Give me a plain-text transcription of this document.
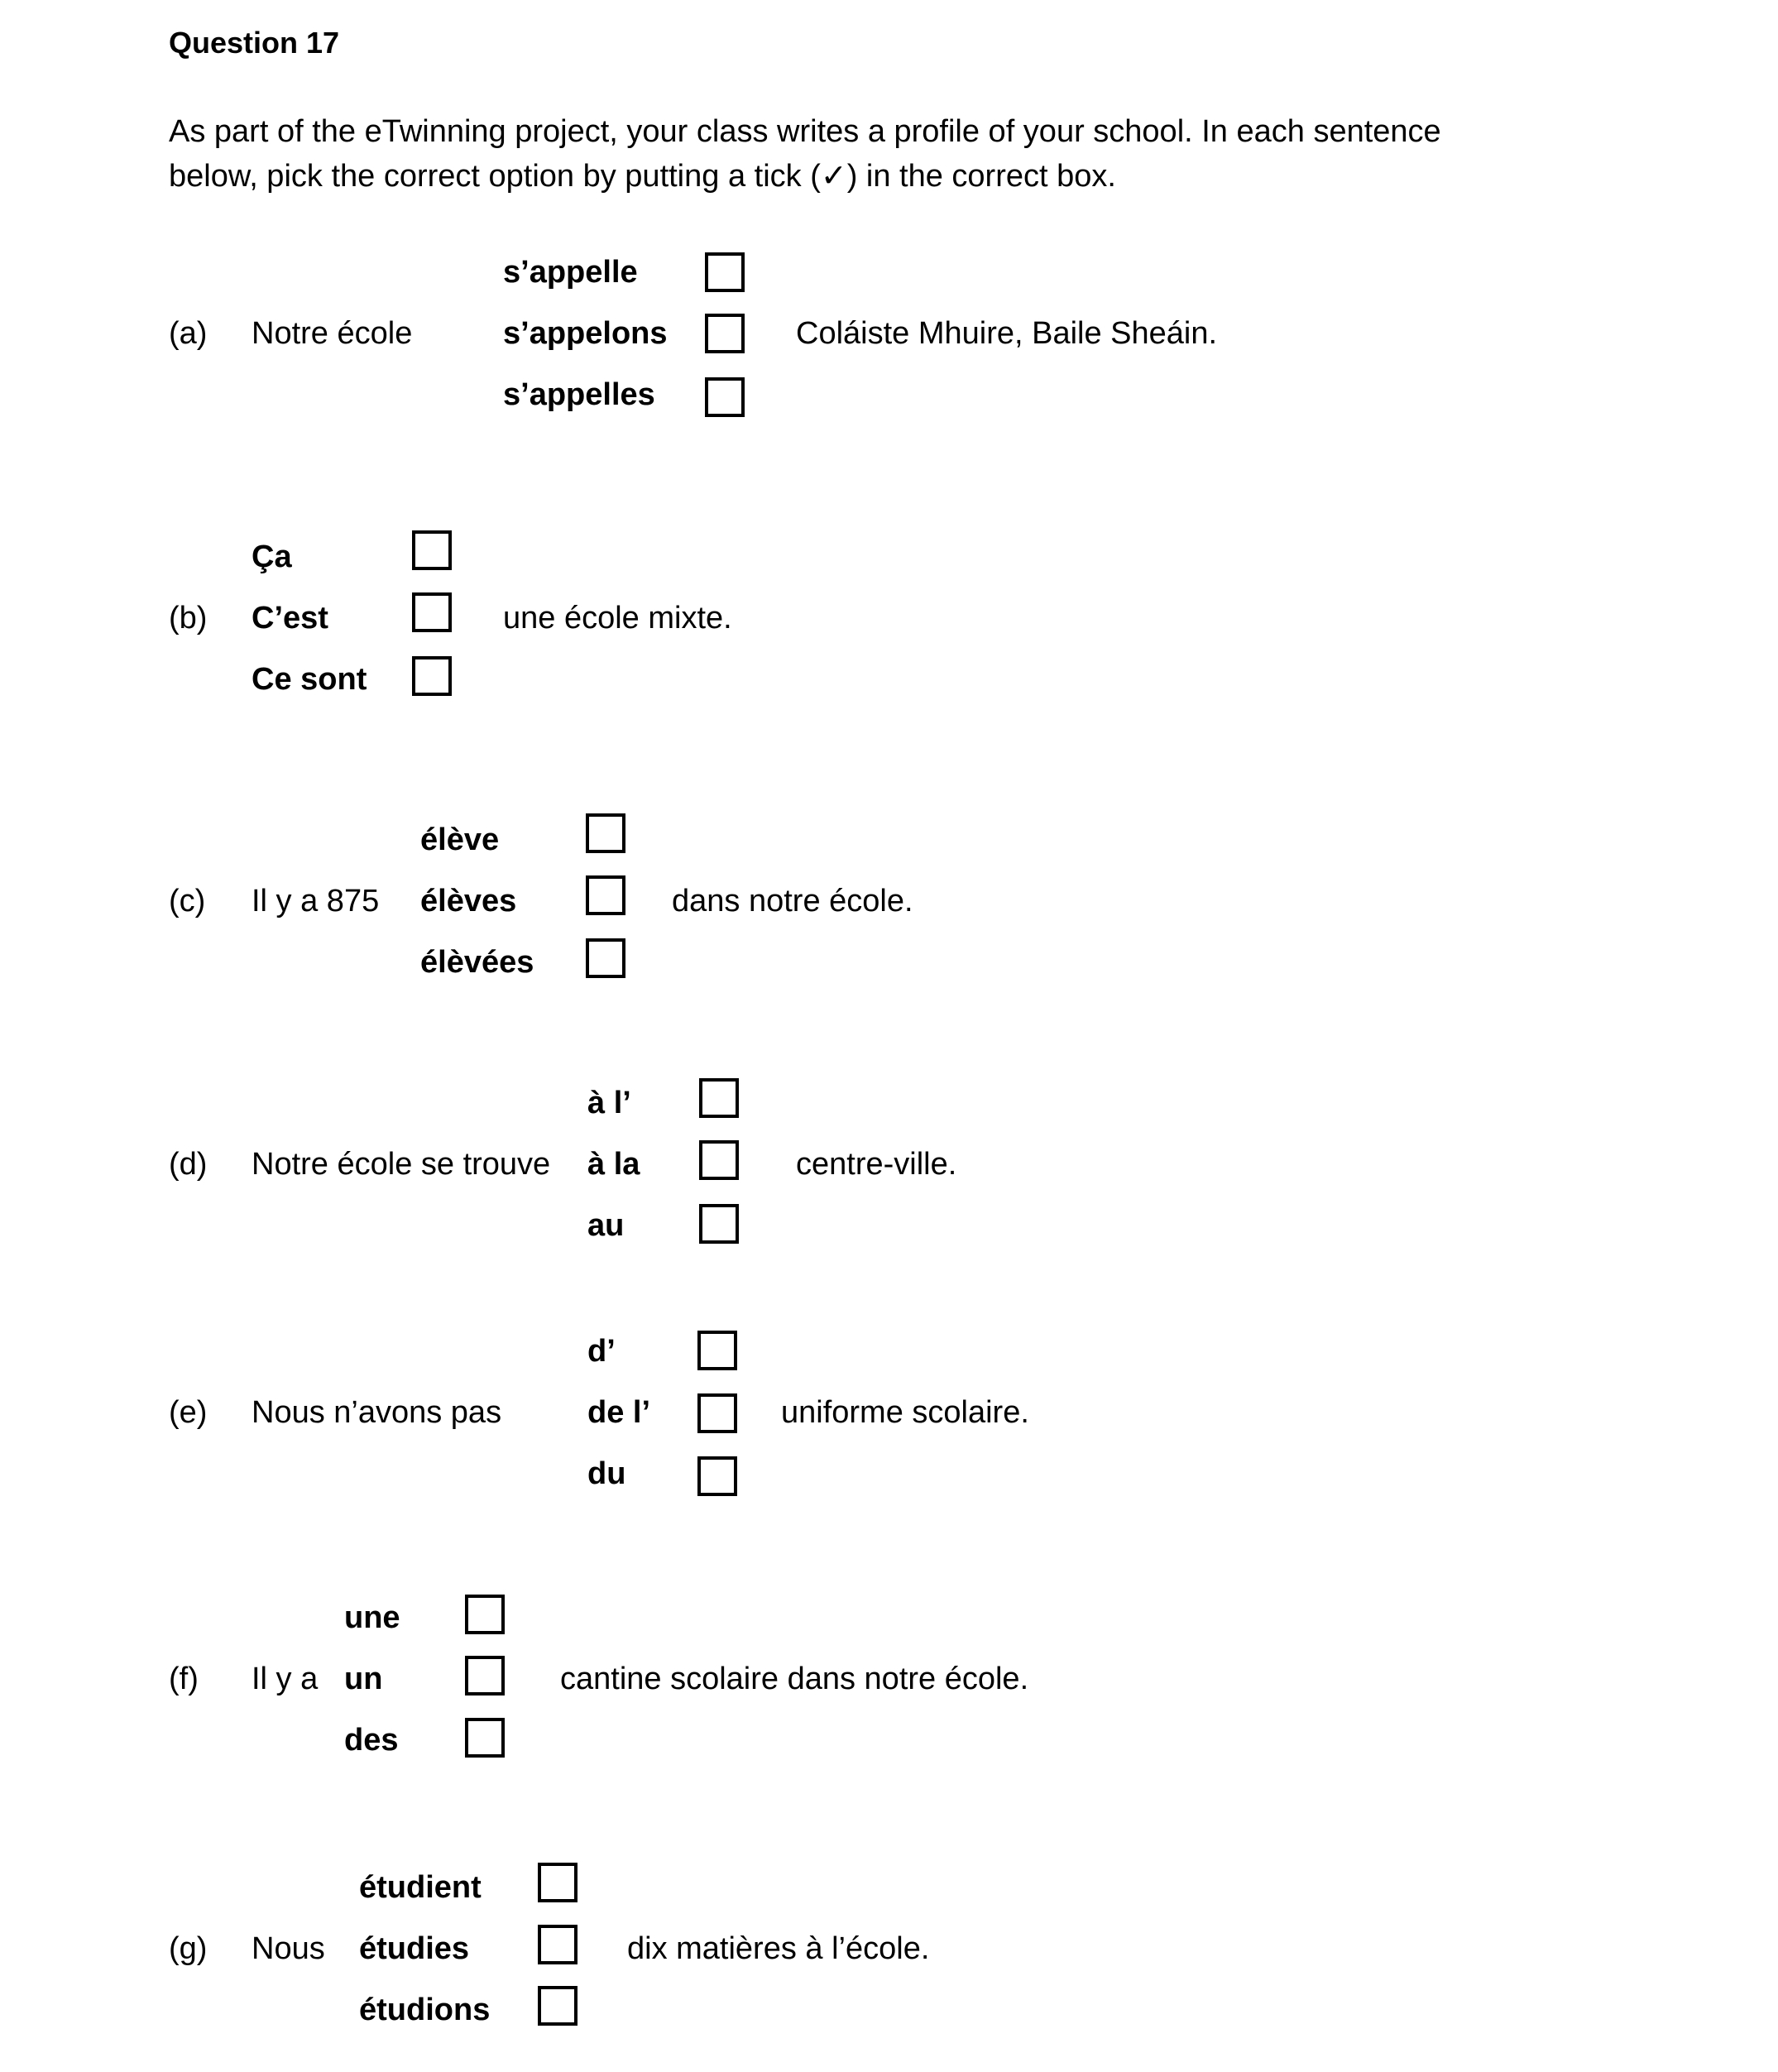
Question 17
As part of the eTwinning project, your class writes a profile of your school. In each sentence
below, pick the correct option by putting a tick (✓) in the correct box.
(a) Notre école
s’appelle
s’appelons
s’appelles
Coláiste Mhuire, Baile Sheáin.
(b)
Ça
C’est
Ce sont
une école mixte.
(c) Il y a 875
élève
élèves
élèvées
dans notre école.
(d) Notre école se trouve
à l’
à la
au
centre-ville.
(e) Nous n’avons pas
d’
de l’
du
uniforme scolaire.
(f) Il y a
une
un
des
cantine scolaire dans notre école.
(g) Nous
étudient
étudies
étudions
dix matières à l’école.
